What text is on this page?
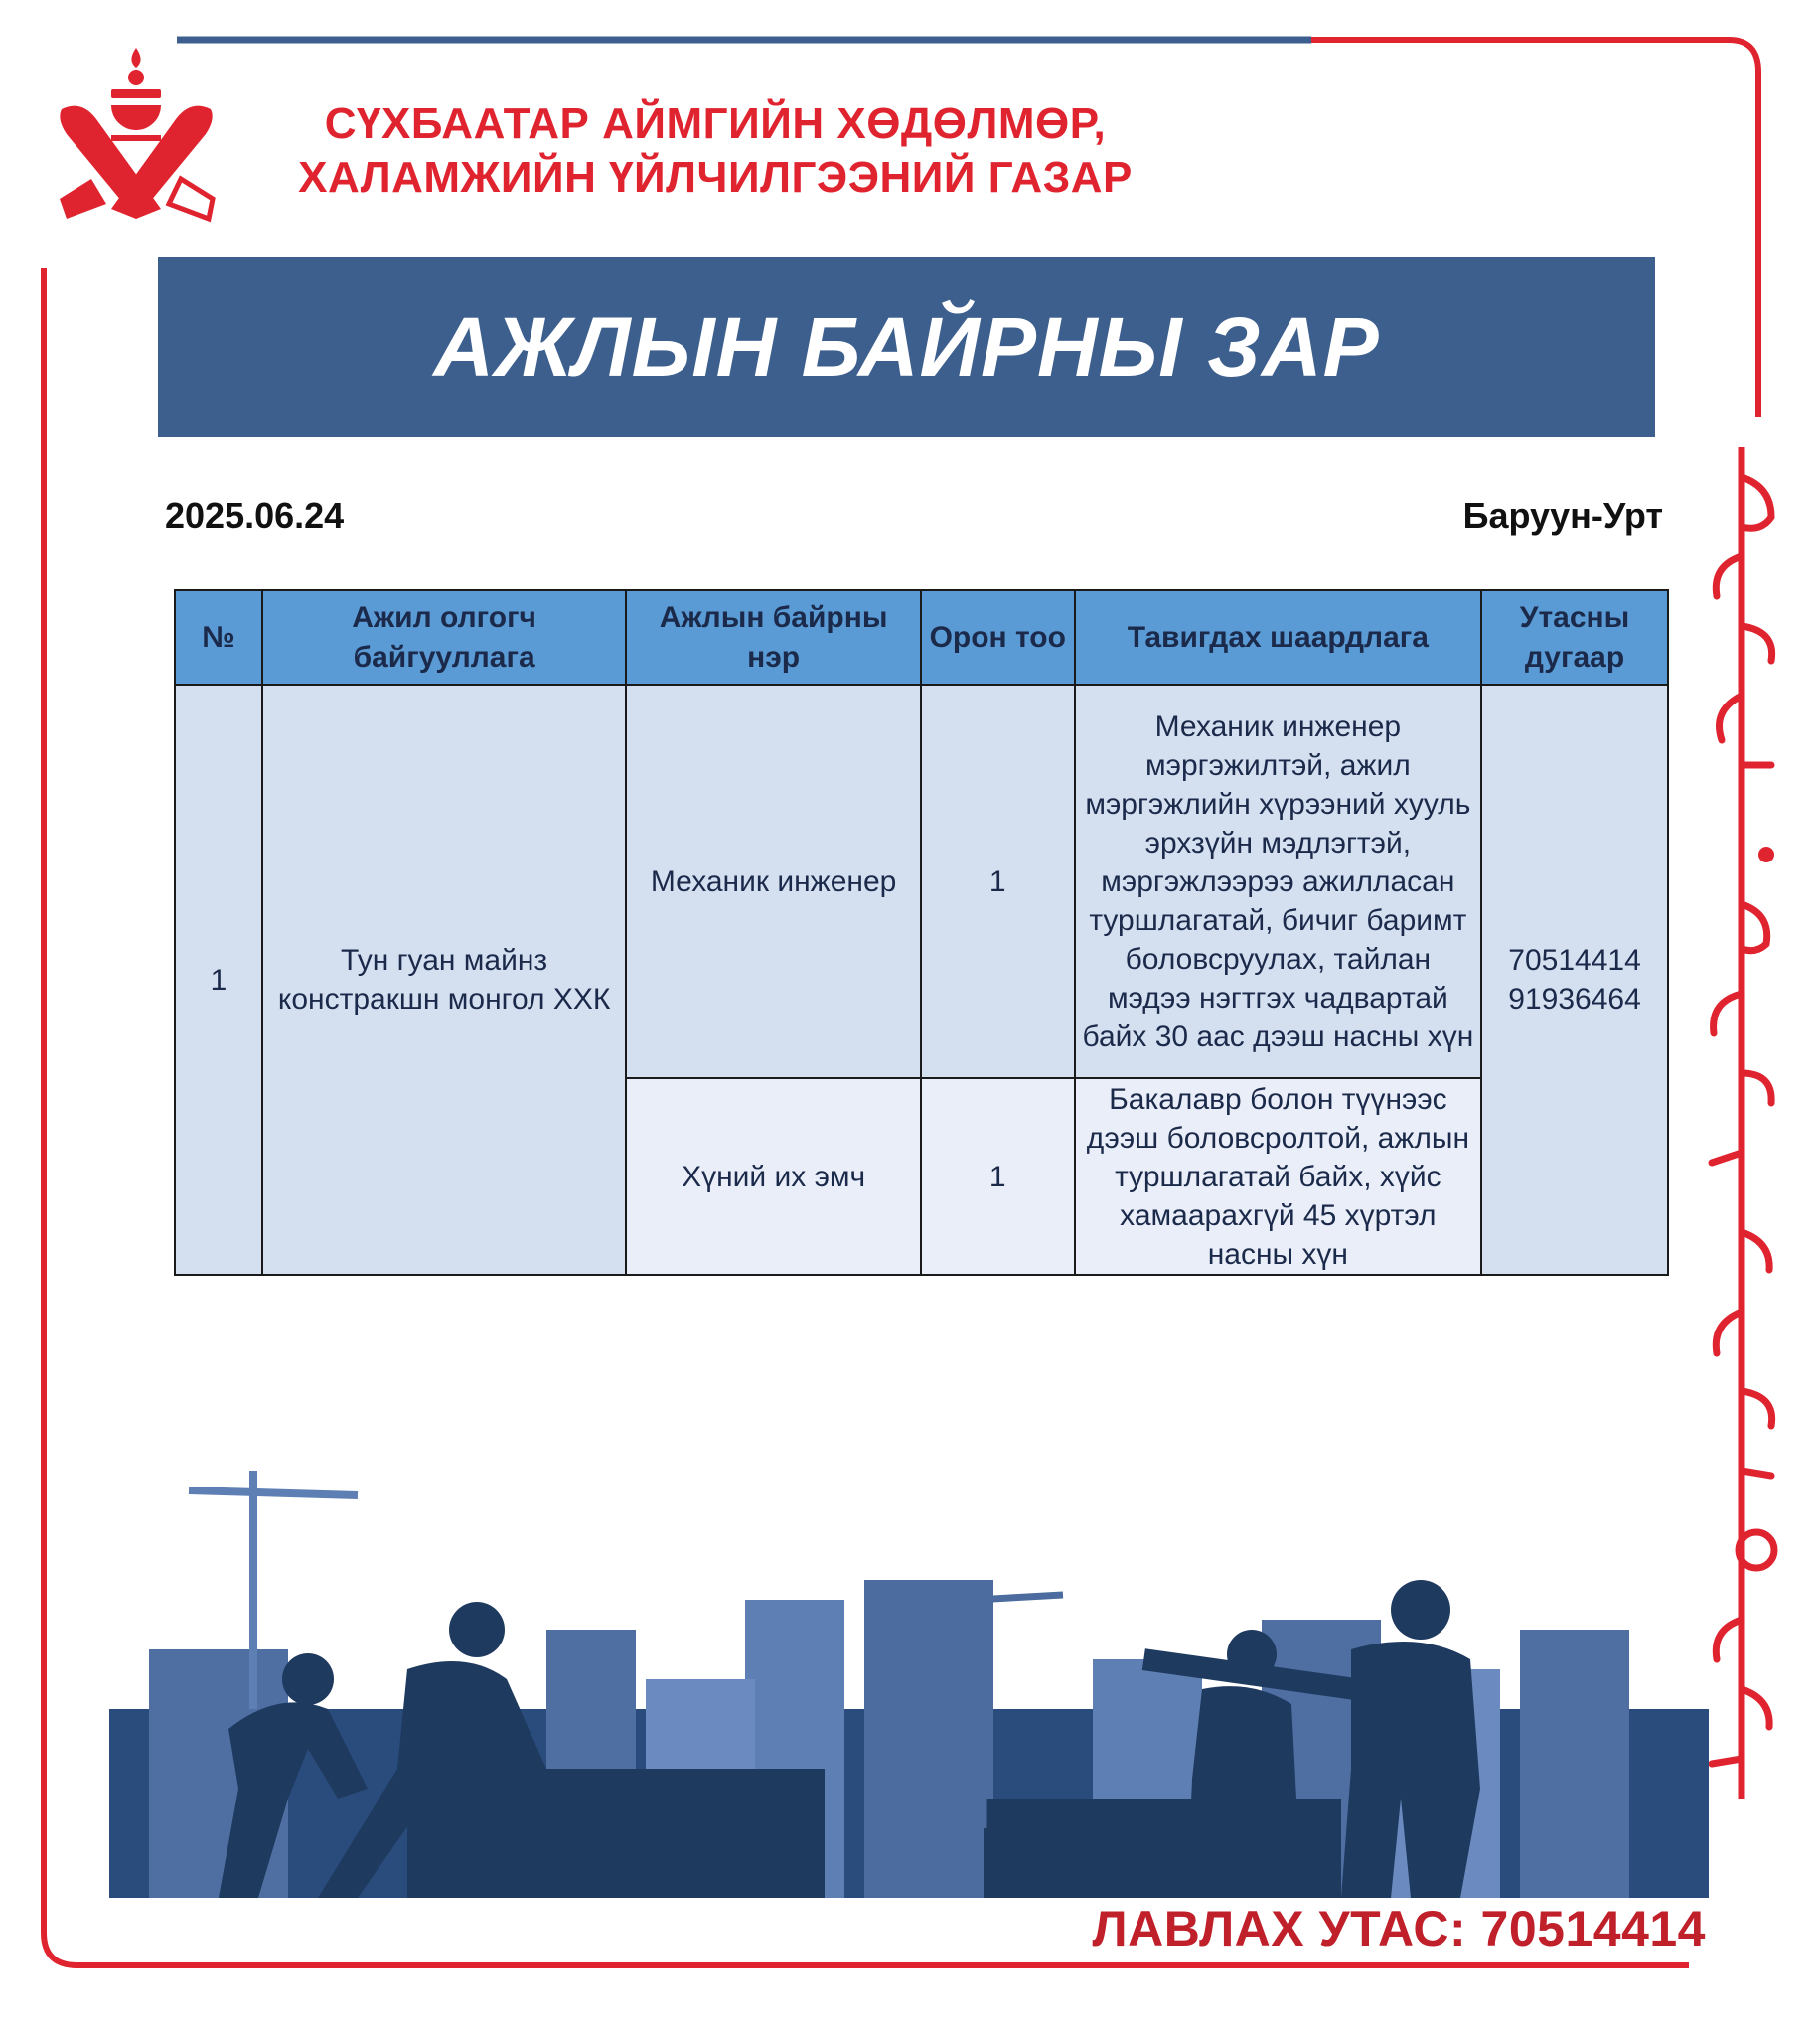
СҮХБААТАР АЙМГИЙН ХӨДӨЛМӨР,
ХАЛАМЖИЙН ҮЙЛЧИЛГЭЭНИЙ ГАЗАР
АЖЛЫН БАЙРНЫ ЗАР
2025.06.24	Баруун-Урт
№	Ажил олгогч байгууллага	Ажлын байрны нэр	Орон тоо	Тавигдах шаардлага	Утасны дугаар
1	Тун гуан майнз констракшн монгол ХХК	Механик инженер	1	Механик инженер мэргэжилтэй, ажил мэргэжлийн хүрээний хууль эрхзүйн мэдлэгтэй, мэргэжлээрээ ажилласан туршлагатай, бичиг баримт боловсруулах, тайлан мэдээ нэгтгэх чадвартай байх 30 аас дээш насны хүн	70514414
91936464

		Хүний их эмч	1	Бакалавр болон түүнээс дээш боловсролтой, ажлын туршлагатай байх, хүйс хамаарахгүй 45 хүртэл насны хүн	
ЛАВЛАХ УТАС: 70514414
